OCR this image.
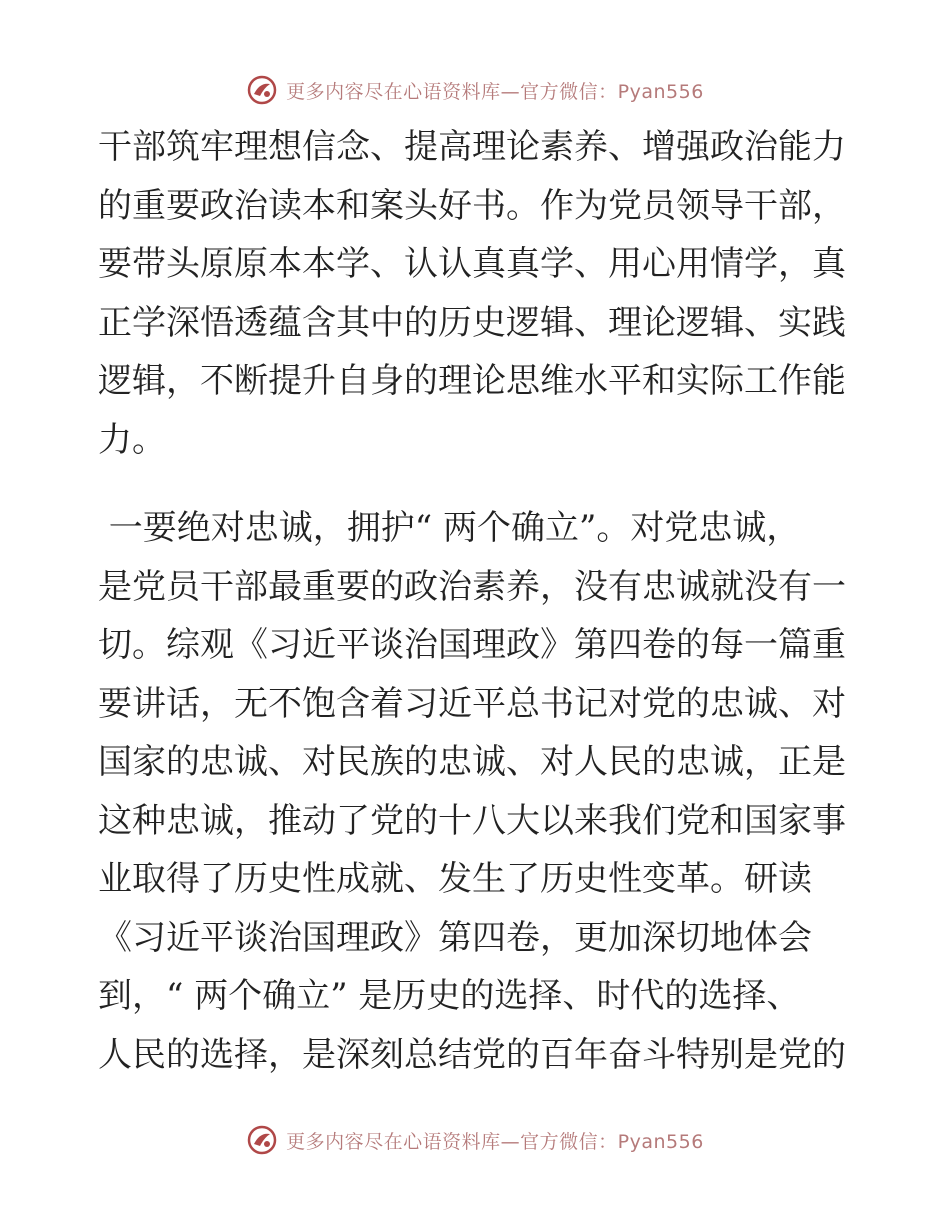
更多内容尽在心语资料库—官方微信：Pyan556
干部筑牢理想信念、提高理论素养、增强政治能力
的重要政治读本和案头好书。作为党员领导干部，
要带头原原本本学、认认真真学、用心用情学，真
正学深悟透蕴含其中的历史逻辑、理论逻辑、实践
逻辑，不断提升自身的理论思维水平和实际工作能
力。
一要绝对忠诚，拥护“ 两个确立”。对党忠诚，
是党员干部最重要的政治素养，没有忠诚就没有一
切。综观《习近平谈治国理政》第四卷的每一篇重
要讲话，无不饱含着习近平总书记对党的忠诚、对
国家的忠诚、对民族的忠诚、对人民的忠诚，正是
这种忠诚，推动了党的十八大以来我们党和国家事
业取得了历史性成就、发生了历史性变革。研读
《习近平谈治国理政》第四卷，更加深切地体会
到，“ 两个确立” 是历史的选择、时代的选择、
人民的选择，是深刻总结党的百年奋斗特别是党的
更多内容尽在心语资料库—官方微信：Pyan556
